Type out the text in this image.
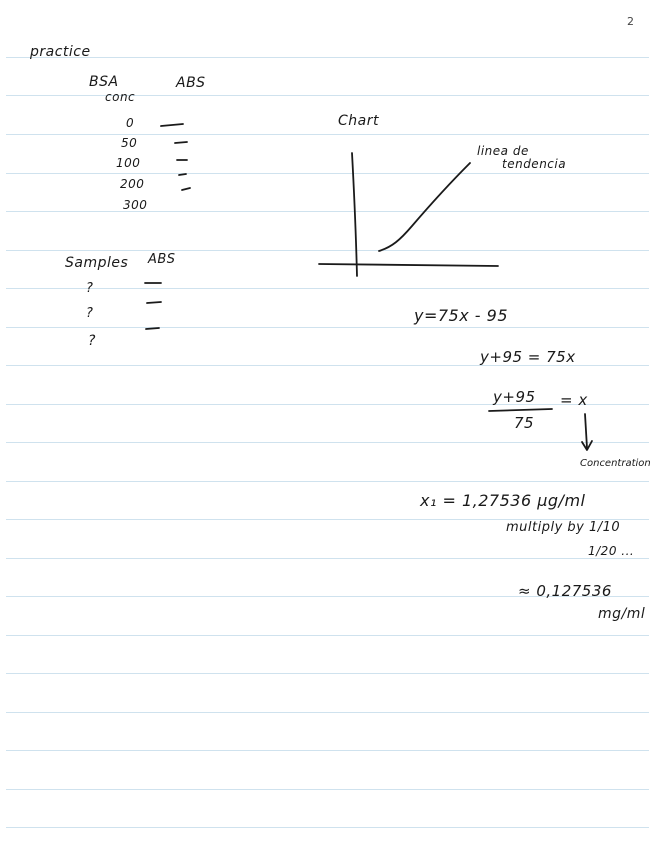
2
practice
BSA
conc
ABS
0
50
100
200
300
Samples ABS
?
?
?
Chart
linea de
tendencia
y=75x - 95
y+95 = 75x
y+95 = x
75
Concentration
x₁ = 1,27536 µg/ml
multiply by 1/10
1/20 ...
≈ 0,127536
mg/ml
